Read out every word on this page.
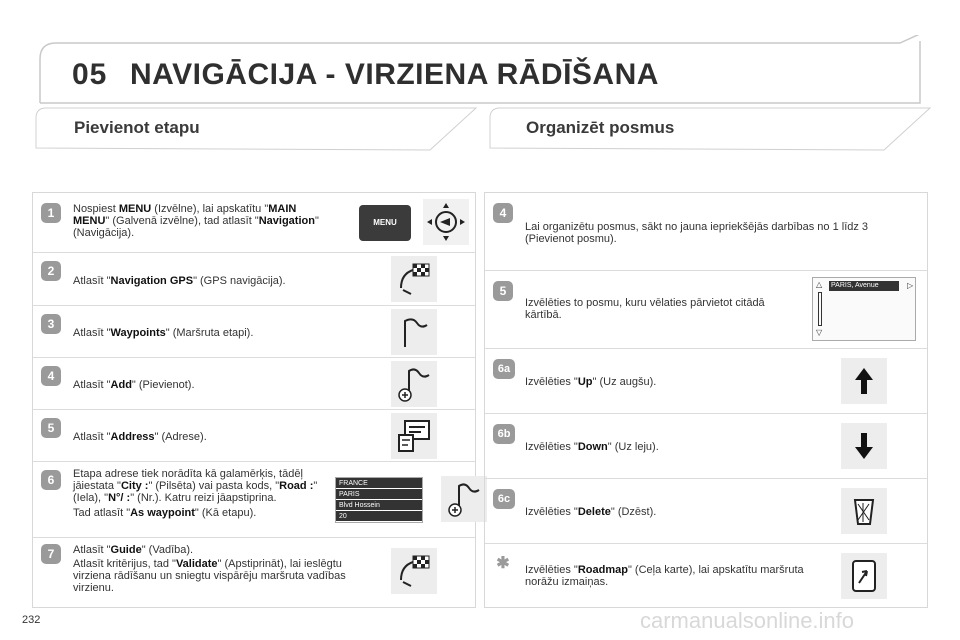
05 NAVIGĀCIJA - VIRZIENA RĀDĪŠANA
Pievienot etapu	Organizēt posmus
1	Nospiest MENU (Izvēlne), lai apskatītu "MAIN MENU" (Galvenā izvēlne), tad atlasīt "Navigation" (Navigācija).
MENU
2
Atlasīt "Navigation GPS" (GPS navigācija).
3
Atlasīt "Waypoints" (Maršruta etapi).
4
Atlasīt "Add" (Pievienot).
5
Atlasīt "Address" (Adrese).
6	Etapa adrese tiek norādīta kā galamērķis, tādēļ jāiestata "City :" (Pilsēta) vai pasta kods, "Road :" (Iela), "N°/ :" (Nr.). Katru reizi jāapstiprina.

Tad atlasīt "As waypoint" (Kā etapu).
FRANCE
PARIS
Blvd Hossein
20
7	Atlasīt "Guide" (Vadība).

Atlasīt kritērijus, tad "Validate" (Apstiprināt), lai ieslēgtu virziena rādīšanu un sniegtu vispārēju maršruta vadības virzienu.
4
Lai organizētu posmus, sākt no jauna iepriekšējās darbības no 1 līdz 3 (Pievienot posmu).
5
Izvēlēties to posmu, kuru vēlaties pārvietot citādā kārtībā.
PARIS, Avenue
△
▽
▷
6a
Izvēlēties "Up" (Uz augšu).
6b
Izvēlēties "Down" (Uz leju).
6c
Izvēlēties "Delete" (Dzēst).
✱ Izvēlēties "Roadmap" (Ceļa karte), lai apskatītu maršruta norāžu izmaiņas.
232	carmanualsonline.info
